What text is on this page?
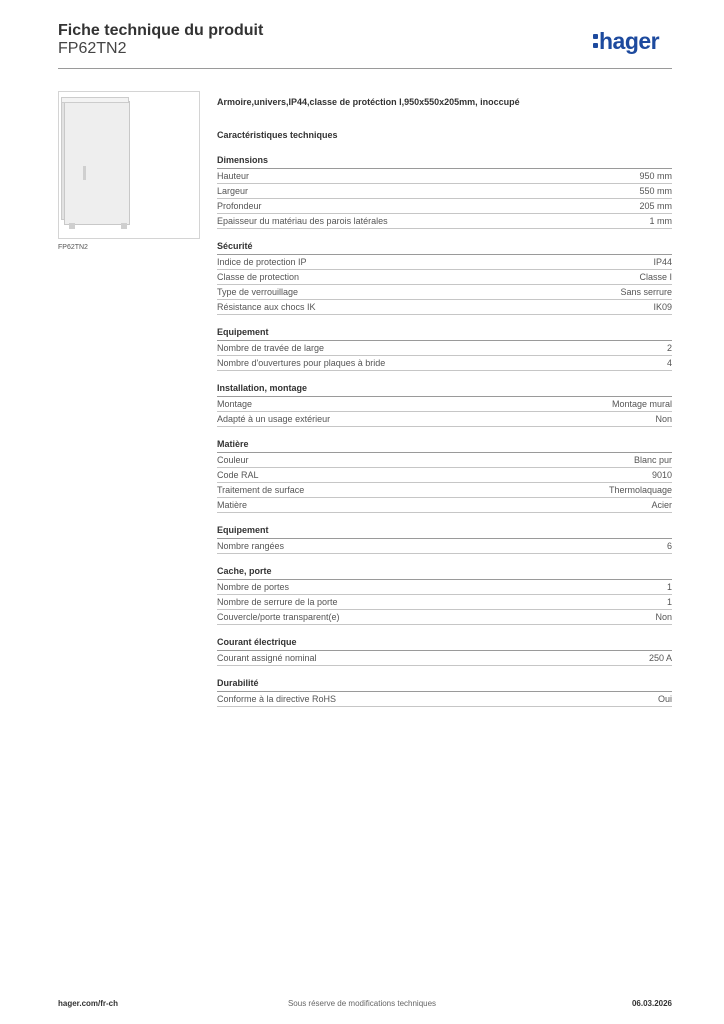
Fiche technique du produit
FP62TN2	hager
FP62TN2
Armoire,univers,IP44,classe de protéction l,950x550x205mm, inoccupé
Caractéristiques techniques
Dimensions
Hauteur	950 mm
Largeur	550 mm
Profondeur	205 mm
Epaisseur du matériau des parois latérales	1 mm
Sécurité
Indice de protection IP	IP44
Classe de protection	Classe I
Type de verrouillage	Sans serrure
Résistance aux chocs IK	IK09
Equipement
Nombre de travée de large	2
Nombre d'ouvertures pour plaques à bride	4
Installation, montage
Montage	Montage mural
Adapté à un usage extérieur	Non
Matière
Couleur	Blanc pur
Code RAL	9010
Traitement de surface	Thermolaquage
Matière	Acier
Equipement
Nombre rangées	6
Cache, porte
Nombre de portes	1
Nombre de serrure de la porte	1
Couvercle/porte transparent(e)	Non
Courant électrique
Courant assigné nominal	250 A
Durabilité
Conforme à la directive RoHS	Oui
hager.com/fr-ch	Sous réserve de modifications techniques	06.03.2026
